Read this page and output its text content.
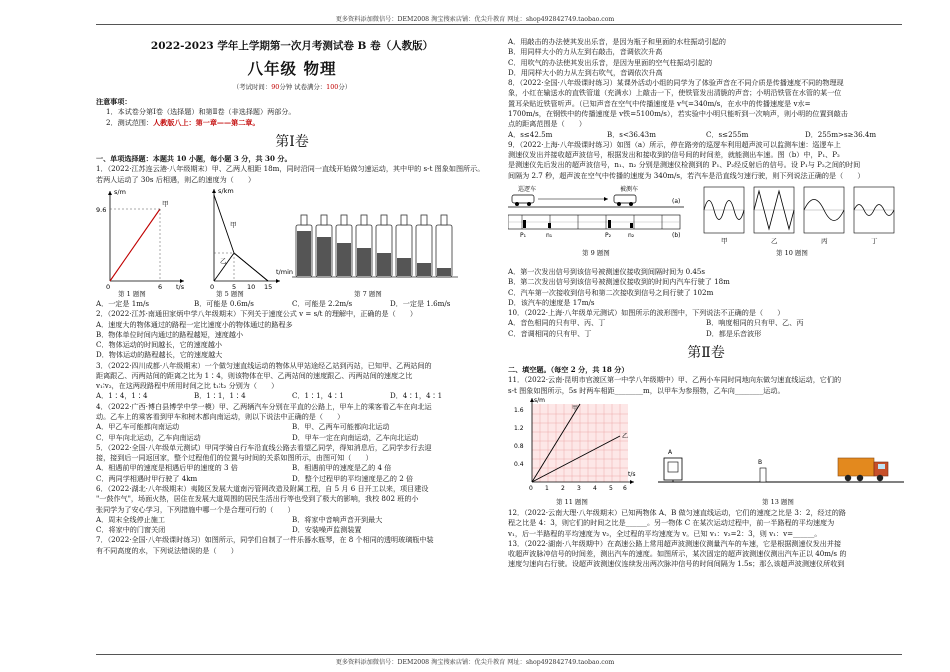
更多资料添加微信号：DEM2008 淘宝搜索店铺：优尖升教育 网址：shop492842749.taobao.com

2022-2023 学年上学期第一次月考测试卷 B 卷（人教版）

八年级 物理

（考试时间：90分钟 试卷满分：100分）

注意事项：

1．本试卷分第Ⅰ卷（选择题）和第Ⅱ卷（非选择题）两部分。

2．测试范围：人教版八上：第一章——第二章。

第Ⅰ卷

一、单项选择题：本题共 10 小题，每小题 3 分，共 30 分。

1．（2022·江苏连云港·八年级期末）甲、乙两人相距 18m，同时沿同一直线开始做匀速运动，其中甲的 s-t 图象如图所示。若两人运动了 30s 后相遇，则乙的速度为（　　）

s/m
9.6
6
0	t/s
甲
s/km
甲
乙
0	5 10 15
t/min
第 1 题图	第 5 题图	第 7 题图
A．一定是 1m/s	B．可能是 0.6m/s	C．可能是 2.2m/s	D．一定是 1.6m/s

2．（2022·江苏·南通田家炳中学八年级期末）下列关于速度公式 v = s/t 的理解中，正确的是（　　）

A．速度大的物体通过的路程一定比速度小的物体通过的路程多

B．物体单位时间内通过的路程越短，速度越小

C．物体运动的时间越长，它的速度越小

D．物体运动的路程越长，它的速度越大

3．（2022·四川成都·八年级期末）一个做匀速直线运动的物体从甲站途经乙站到丙站，已知甲、乙两站间的

距离跟乙、丙两站间的距离之比为 1∶4，则该物体在甲、乙两站间的速度跟乙、丙两站间的速度之比

v₁∶v₂，在这两段路程中所用时间之比 t₁∶t₂ 分别为（　　）

A．1∶4，1∶4	B．1∶1，1∶4	C．1∶1，4∶1	D．4∶1，4∶1

4．（2022·广西·博白县博学中学一模）甲、乙两辆汽车分别在平直的公路上，甲车上的乘客看乙车在向北运

动。乙车上的乘客看到甲车和树木都向南运动，则以下说法中正确的是（　　）

A．甲乙车可能都向南运动	B．甲、乙两车可能都向北运动
C．甲车向北运动，乙车向南运动	D．甲车一定在向南运动，乙车向北运动

5．（2022·全国·八年级单元测试）甲同学骑自行车沿直线公路去看望乙同学，得知消息后，乙同学步行去迎

接，接到后一同返回家，整个过程他们的位置与时间的关系如图所示，由图可知（　　）

A．相遇前甲的速度是相遇后甲的速度的 3 倍	B．相遇前甲的速度是乙的 4 倍
C．两同学相遇时甲行驶了 4km	D．整个过程甲的平均速度是乙的 2 倍

6．（2022·湖北·八年级期末）夷陵区发展大道南污管网改造及附属工程，自 5 月 6 日开工以来，项目建设

"一鼓作气"，场面火热，居住在发展大道周围的居民生活出行等也受到了极大的影响，我校 802 班的小

张同学为了安心学习，下列措施中哪一个是合理可行的（　　）

A．周末全线停止施工	B．将家中音响声音开到最大
C．将家中的门窗关闭	D．安装噪声监测装置

7．（2022·全国·八年级课时练习）如图所示，同学们自制了一件乐器水瓶琴，在 8 个相同的透明玻璃瓶中装

有不同高度的水，下列说法错误的是（　　）

A．用敲击的办法使其发出乐音，是因为瓶子和里面的水柱振动引起的

B．用同样大小的力从左到右敲击，音调依次升高

C．用吹气的办法使其发出乐音，是因为里面的空气柱振动引起的

D．用同样大小的力从左到右吹气，音调依次升高

8．（2022·全国·八年级课时练习）某课外活动小组的同学为了体验声音在不同介质是传播速度不同的物理现

象，小红在输送水的直铁管道（充满水）上敲击一下，使铁管发出清脆的声音；小明沿铁管在水管的某一位

置耳朵贴近铁管听声。（已知声音在空气中传播速度是 v气=340m/s，在水中的传播速度是 v水=

1700m/s，在钢铁中的传播速度是 v铁=5100m/s），若实验中小明只能听到一次响声，则小明的位置到敲击

点的距离范围是（　　）

A．s≤42.5m	B．s<36.43m	C．s≤255m	D．255m>s≥36.4m

9．（2022·上海·八年级课时练习）如图（a）所示，停在路旁的巡逻车利用超声波可以监测车速：巡逻车上

测速仪发出并接收超声波信号，根据发出和接收到的信号间的时间差，就能测出车速。图（b）中，P₁、P₂

是测速仪先后发出的超声波信号，n₁、n₂ 分别是测速仪检测到的 P₁、P₂经反射后的信号。设 P₁与 P₂之间的时间

间隔为 2.7 秒，超声波在空气中传播的速度为 340m/s，若汽车是沿直线匀速行驶，则下列说法正确的是（　　）

巡逻车	被测车
(a)
P₁	n₁	P₂	n₂	(b)
甲	乙	丙	丁
第 9 题图	第 10 题图

A．第一次发出信号到该信号被测速仪接收到间隔时间为 0.45s

B．第二次发出信号到该信号被测速仪接收到的时间内汽车行驶了 18m

C．汽车第一次接收到信号和第二次接收到信号之间行驶了 102m

D．该汽车的速度是 17m/s

10．（2022·上海·八年级单元测试）如图所示的波形图中，下列说法不正确的是（　　）

A．音色相同的只有甲、丙、丁	B．响度相同的只有甲、乙、丙
C．音调相同的只有甲、丁	D．都是乐音波形

第Ⅱ卷

二、填空题。（每空 2 分，共 18 分）

11．（2022·云南·昆明市官渡区第一中学八年级期中）甲、乙两小车同时同地向东做匀速直线运动，它们的

s-t 图象如图所示，5s 时两车相距________m，以甲车为参照物，乙车向________运动。

s/m
0.4
0.8
1.2
1.6
0 1 2 3 4 5 6
t/s
甲
乙
A
B
第 11 题图	第 13 题图

12．（2022·云南大理·八年级期末）已知两物体 A、B 做匀速直线运动，它们的速度之比是 3：2，经过的路

程之比是 4：3，则它们的时间之比是______。另一物体 C 在某次运动过程中，前一半路程的平均速度为

v₁，后一半路程的平均速度为 v₂，全过程的平均速度为 v。已知 v₁：v₂=2：3，则 v₁：v=______。

13．（2022·湖南·八年级期中）在高速公路上常用超声波测速仪测量汽车的车速，它是根据测速仪发出并接

收超声波脉冲信号的时间差，测出汽车的速度。如图所示，某次固定的超声波测速仪测出汽车正以 40m/s 的

速度匀速向右行驶。设超声波测速仪连续发出两次脉冲信号的时间间隔为 1.5s；那么该超声波测速仪所收到

更多资料添加微信号：DEM2008 淘宝搜索店铺：优尖升教育 网址：shop492842749.taobao.com
